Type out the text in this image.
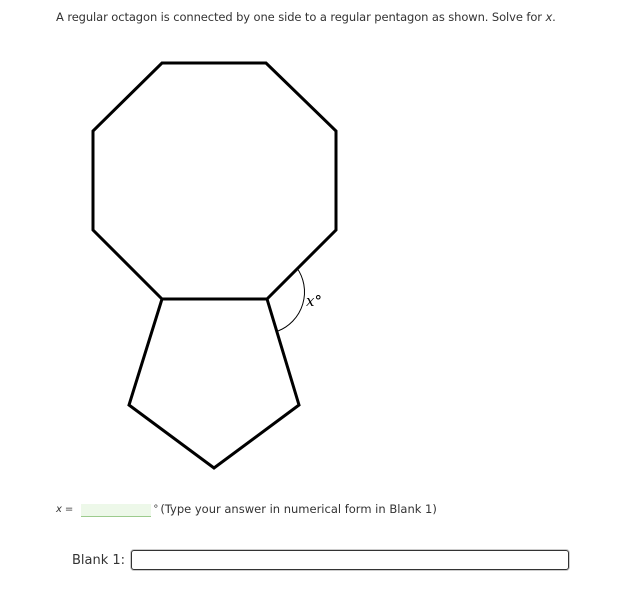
A regular octagon is connected by one side to a regular pentagon as shown. Solve for x.
x°
x =	° (Type your answer in numerical form in Blank 1)
Blank 1:
